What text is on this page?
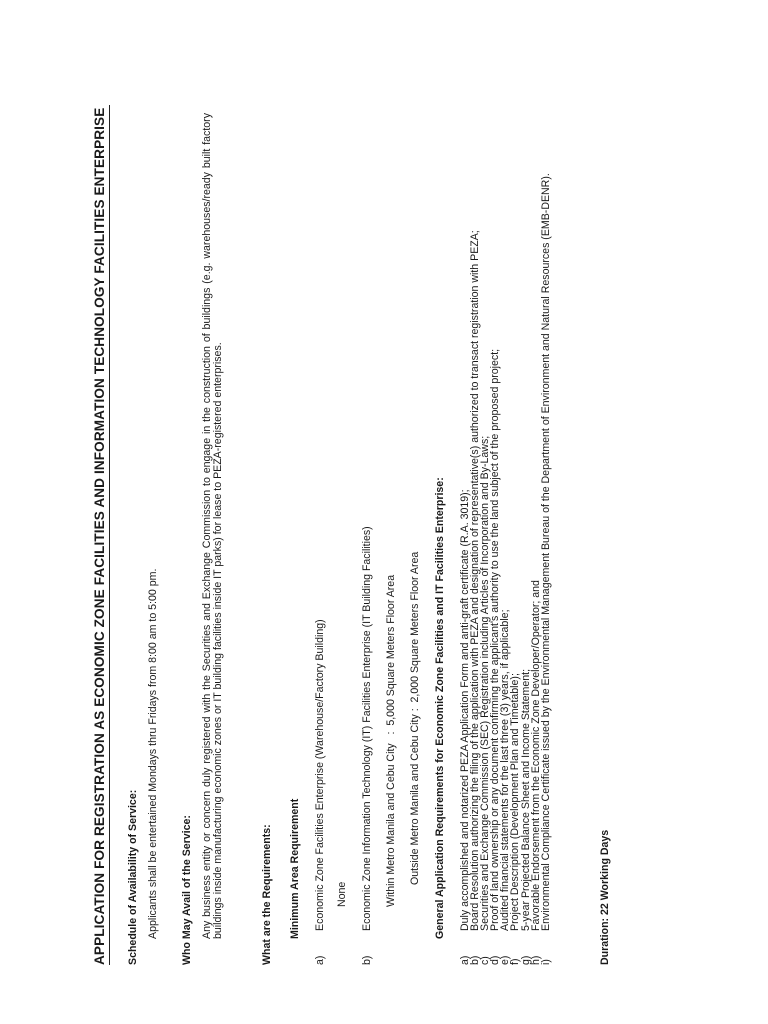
APPLICATION FOR REGISTRATION AS ECONOMIC ZONE FACILITIES AND INFORMATION TECHNOLOGY FACILITIES ENTERPRISE Schedule of Availability of Service: Applicants shall be entertained Mondays thru Fridays from 8:00 am to 5:00 pm. Who May Avail of the Service: Any business entity or concern duly registered with the Securities and Exchange Commission to engage in the construction of buildings (e.g. warehouses/ready built factory buildings inside manufacturing economic zones or IT building facilities inside IT parks) for lease to PEZA-registered enterprises.	What are the Requirements: Minimum Area Requirement
a)
Economic Zone Facilities Enterprise (Warehouse/Factory Building) None
b)
Economic Zone Information Technology (IT) Facilities Enterprise (IT Building Facilities) Within Metro Manila and Cebu City   :  5,000 Square Meters Floor Area Outside Metro Manila and Cebu City :  2,000 Square Meters Floor Area General Application Requirements for Economic Zone Facilities and IT Facilities Enterprise:
a)
Duly accomplished and notarized PEZA Application Form and anti-graft certificate (R.A. 3019);
b)
Board Resolution authorizing the filing of the application with PEZA and designation of representative(s) authorized to transact registration with PEZA;
c)
Securities and Exchange Commission (SEC) Registration including Articles of Incorporation and By-Laws;
d)
Proof of land ownership or any document confirming the applicant's authority to use the land subject of the proposed project;
e)
Audited financial statements for the last three (3) years, if applicable;
f)
Project Description (Development Plan and Timetable);
g)
5-year Projected Balance Sheet and Income Statement;
h)
Favorable Endorsement from the Economic Zone Developer/Operator; and
i)
Environmental Compliance Certificate issued by the Environmental Management Bureau of the Department of Environment and Natural Resources (EMB-DENR).	Duration: 22 Working Days
